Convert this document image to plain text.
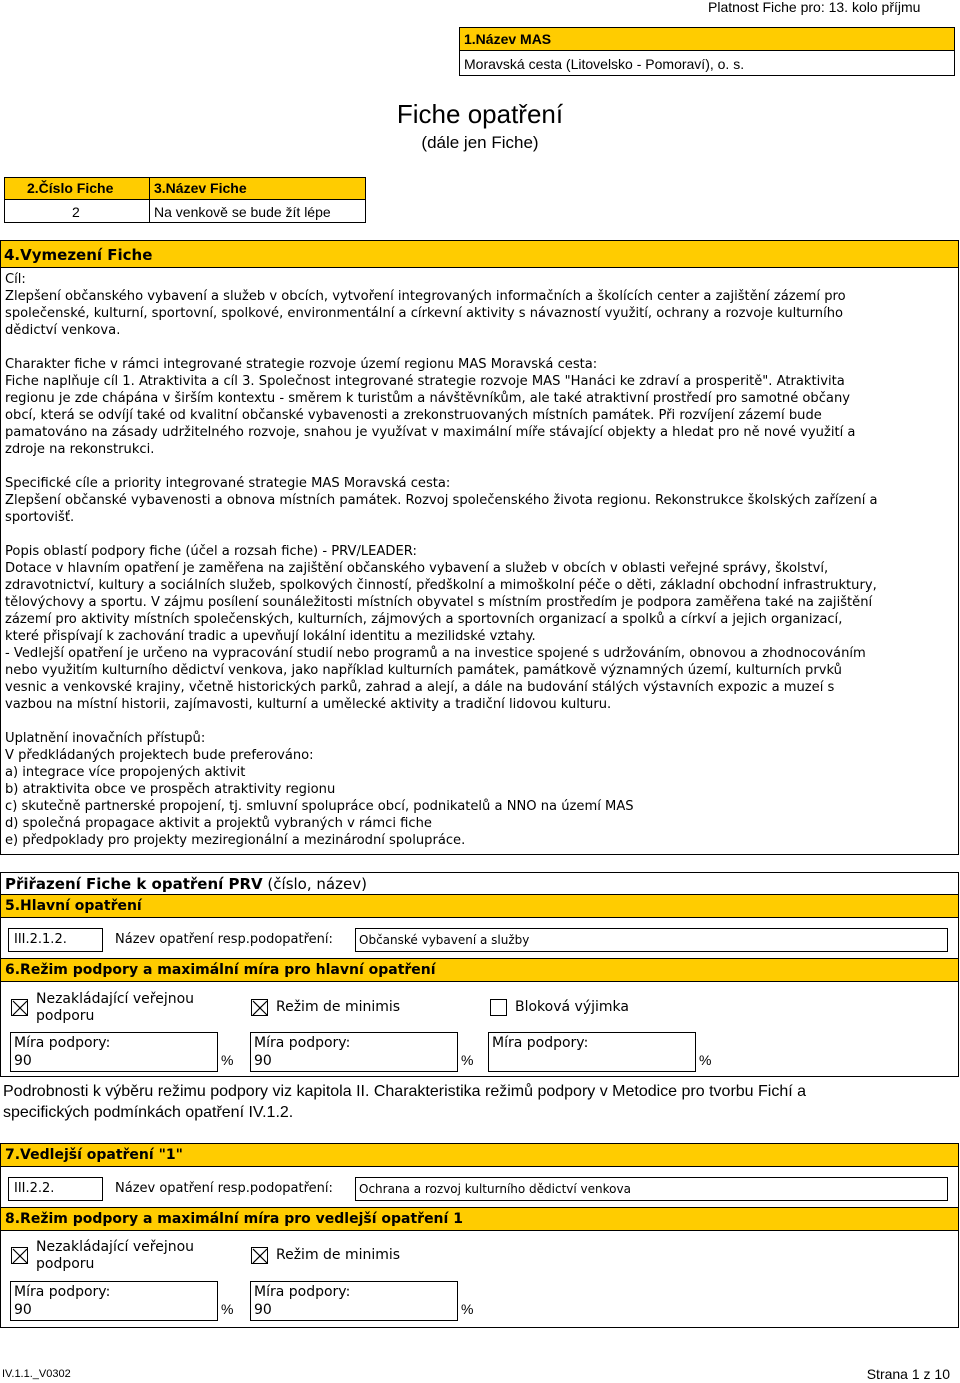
Platnost Fiche pro: 13. kolo příjmu
1.Název MAS
Moravská cesta (Litovelsko - Pomoraví), o. s.
Fiche opatření
(dále jen Fiche)
2.Číslo Fiche	3.Název Fiche
2	Na venkově se bude žít lépe
4.Vymezení Fiche
Cíl:
Zlepšení občanského vybavení a služeb v obcích, vytvoření integrovaných informačních a školících center a zajištění zázemí pro
společenské, kulturní, sportovní, spolkové, environmentální a církevní aktivity s návazností využití, ochrany a rozvoje kulturního
dědictví venkova.
Charakter fiche v rámci integrované strategie rozvoje území regionu MAS Moravská cesta:
Fiche naplňuje cíl 1. Atraktivita a cíl 3. Společnost integrované strategie rozvoje MAS "Hanáci ke zdraví a prosperitě". Atraktivita
regionu je zde chápána v širším kontextu - směrem k turistům a návštěvníkům, ale také atraktivní prostředí pro samotné občany
obcí, která se odvíjí také od kvalitní občanské vybavenosti a zrekonstruovaných místních památek. Při rozvíjení zázemí bude
pamatováno na zásady udržitelného rozvoje, snahou je využívat v maximální míře stávající objekty a hledat pro ně nové využití a
zdroje na rekonstrukci.
Specifické cíle a priority integrované strategie MAS Moravská cesta:
Zlepšení občanské vybavenosti a obnova místních památek. Rozvoj společenského života regionu. Rekonstrukce školských zařízení a
sportovišť.
Popis oblastí podpory fiche (účel a rozsah fiche) - PRV/LEADER:
Dotace v hlavním opatření je zaměřena na zajištění občanského vybavení a služeb v obcích v oblasti veřejné správy, školství,
zdravotnictví, kultury a sociálních služeb, spolkových činností, předškolní a mimoškolní péče o děti, základní obchodní infrastruktury,
tělovýchovy a sportu. V zájmu posílení sounáležitosti místních obyvatel s místním prostředím je podpora zaměřena také na zajištění
zázemí pro aktivity místních společenských, kulturních, zájmových a sportovních organizací a spolků a církví a jejich organizací,
které přispívají k zachování tradic a upevňují lokální identitu a mezilidské vztahy.
- Vedlejší opatření je určeno na vypracování studií nebo programů a na investice spojené s udržováním, obnovou a zhodnocováním
nebo využitím kulturního dědictví venkova, jako například kulturních památek, památkově významných území, kulturních prvků
vesnic a venkovské krajiny, včetně historických parků, zahrad a alejí, a dále na budování stálých výstavních expozic a muzeí s
vazbou na místní historii, zajímavosti, kulturní a umělecké aktivity a tradiční lidovou kulturu.
Uplatnění inovačních přístupů:
V předkládaných projektech bude preferováno:
a) integrace více propojených aktivit
b) atraktivita obce ve prospěch atraktivity regionu
c) skutečně partnerské propojení, tj. smluvní spolupráce obcí, podnikatelů a NNO na území MAS
d) společná propagace aktivit a projektů vybraných v rámci fiche
e) předpoklady pro projekty meziregionální a mezinárodní spolupráce.
Přiřazení Fiche k opatření PRV (číslo, název)
5.Hlavní opatření
III.2.1.2.	Název opatření resp.podopatření: Občanské vybavení a služby
6.Režim podpory a maximální míra pro hlavní opatření
Nezakládající veřejnou
podporu
Režim de minimis	Bloková výjimka
Míra podpory:
90	%
Míra podpory:
90	%
Míra podpory:
%
Podrobnosti k výběru režimu podpory viz kapitola II. Charakteristika režimů podpory v Metodice pro tvorbu Fichí a
specifických podmínkách opatření IV.1.2.
7.Vedlejší opatření "1"
III.2.2.	Název opatření resp.podopatření: Ochrana a rozvoj kulturního dědictví venkova
8.Režim podpory a maximální míra pro vedlejší opatření 1
Nezakládající veřejnou
podporu
Režim de minimis
Míra podpory:
90	%
Míra podpory:
90	%
IV.1.1._V0302	Strana 1 z 10
